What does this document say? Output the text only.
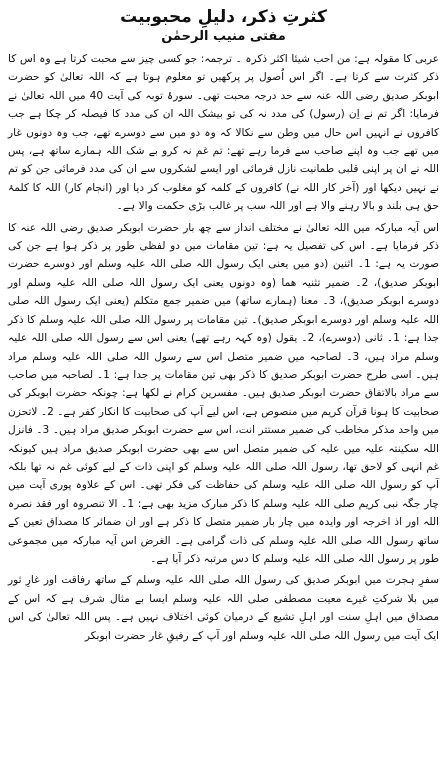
کثرتِ ذکر، دلیلِ محبوبیت
مفتی منیب الرحمٰن

عربی کا مقولہ ہے: من احب شیئا اکثر ذکرہ ۔ ترجمہ: جو کسی چیز سے محبت کرتا ہے وہ اس کا ذکر کثرت سے کرتا ہے۔ اگر اس اُصول پر پرکھیں تو معلوم ہوتا ہے کہ اللہ تعالیٰ کو حضرت ابوبکر صدیق رضی اللہ عنہ سے حد درجہ محبت تھی۔ سورۂ توبہ کی آیت 40 میں اللہ تعالیٰ نے فرمایا: اگر تم نے اِن (رسول) کی مدد نہ کی تو بیشک اللہ ان کی مدد کا فیصلہ کر چکا ہے جب کافروں نے انہیں اس حال میں وطن سے نکالا کہ وہ دو میں سے دوسرے تھے، جب وہ دونوں غار میں تھے جب وہ اپنے صاحب سے فرما رہے تھے: تم غم نہ کرو بے شک اللہ ہمارے ساتھ ہے، پس اللہ نے ان پر اپنی قلبی طمانیت نازل فرمائی اور ایسے لشکروں سے ان کی مدد فرمائی جن کو تم نے نہیں دیکھا اور (آخر کار اللہ نے) کافروں کے کلمہ کو مغلوب کر دیا اور (انجام کار) اللہ کا کلمۂ حق ہی بلند و بالا رہنے والا ہے اور اللہ سب پر غالب بڑی حکمت والا ہے۔

اس آیہ مبارکہ میں اللہ تعالیٰ نے مختلف انداز سے چھ بار حضرت ابوبکر صدیق رضی اللہ عنہ کا ذکر فرمایا ہے۔ اس کی تفصیل یہ ہے: تین مقامات میں دو لفظی طور پر ذکر ہوا ہے جن کی صورت یہ ہے: 1۔ اثنین (دو میں یعنی ایک رسول اللہ صلی اللہ علیہ وسلم اور دوسرے حضرت ابوبکر صدیق)، 2۔ ضمیر تثنیہ ھما (وہ دونوں یعنی ایک رسول اللہ صلی اللہ علیہ وسلم اور دوسرے ابوبکر صدیق)، 3۔ معنا (ہمارے ساتھ) میں ضمیر جمع متکلم (یعنی ایک رسول اللہ صلی اللہ علیہ وسلم اور دوسرے ابوبکر صدیق)۔ تین مقامات پر رسول اللہ صلی اللہ علیہ وسلم کا ذکر جدا ہے: 1۔ ثانی (دوسرے)، 2۔ یقول (وہ کہہ رہے تھے) یعنی اس سے رسول اللہ صلی اللہ علیہ وسلم مراد ہیں، 3۔ لصاحبہ میں ضمیر متصل اس سے رسول اللہ صلی اللہ علیہ وسلم مراد ہیں۔ اسی طرح حضرت ابوبکر صدیق کا ذکر بھی تین مقامات پر جدا ہے: 1۔ لصاحبہ میں صاحب سے مراد بالاتفاق حضرت ابوبکر صدیق ہیں۔ مفسرین کرام نے لکھا ہے: چونکہ حضرت ابوبکر کی صحابیت کا ہونا قرآن کریم میں منصوص ہے، اس لیے آپ کی صحابیت کا انکار کفر ہے۔ 2۔ لاتحزن میں واحد مذکر مخاطب کی ضمیر مستتر انت، اس سے حضرت ابوبکر صدیق مراد ہیں۔ 3۔ فانزل اللہ سکینتہ علیہ میں علیہ کی ضمیر متصل اس سے بھی حضرت ابوبکر صدیق مراد ہیں کیونکہ غم انہی کو لاحق تھا، رسول اللہ صلی اللہ علیہ وسلم کو اپنی ذات کے لیے کوئی غم نہ تھا بلکہ آپ کو رسول اللہ صلی اللہ علیہ وسلم کی حفاظت کی فکر تھی۔ اس کے علاوہ پوری آیت میں چار جگہ نبی کریم صلی اللہ علیہ وسلم کا ذکر مبارک مزید بھی ہے: 1۔ الا تنصروہ اور فقد نصرہ اللہ اور اذ اخرجہ اور وایدہ میں چار بار ضمیر متصل کا ذکر ہے اور ان ضمائر کا مصداق تعین کے ساتھ رسول اللہ صلی اللہ علیہ وسلم کی ذات گرامی ہے۔ الغرض اس آیہ مبارکہ میں مجموعی طور پر رسول اللہ صلی اللہ علیہ وسلم کا دس مرتبہ ذکر آیا ہے۔

سفرِ ہجرت میں ابوبکر صدیق کی رسول اللہ صلی اللہ علیہ وسلم کے ساتھ رفاقت اور غارِ ثور میں بلا شرکتِ غیرے معیت مصطفی صلی اللہ علیہ وسلم ایسا بے مثال شرف ہے کہ اس کے مصداق میں اہلِ سنت اور اہلِ تشیع کے درمیان کوئی اختلاف نہیں ہے۔ پس اللہ تعالیٰ کی اس ایک آیت میں رسول اللہ صلی اللہ علیہ وسلم اور آپ کے رفیقِ غار حضرت ابوبکر
